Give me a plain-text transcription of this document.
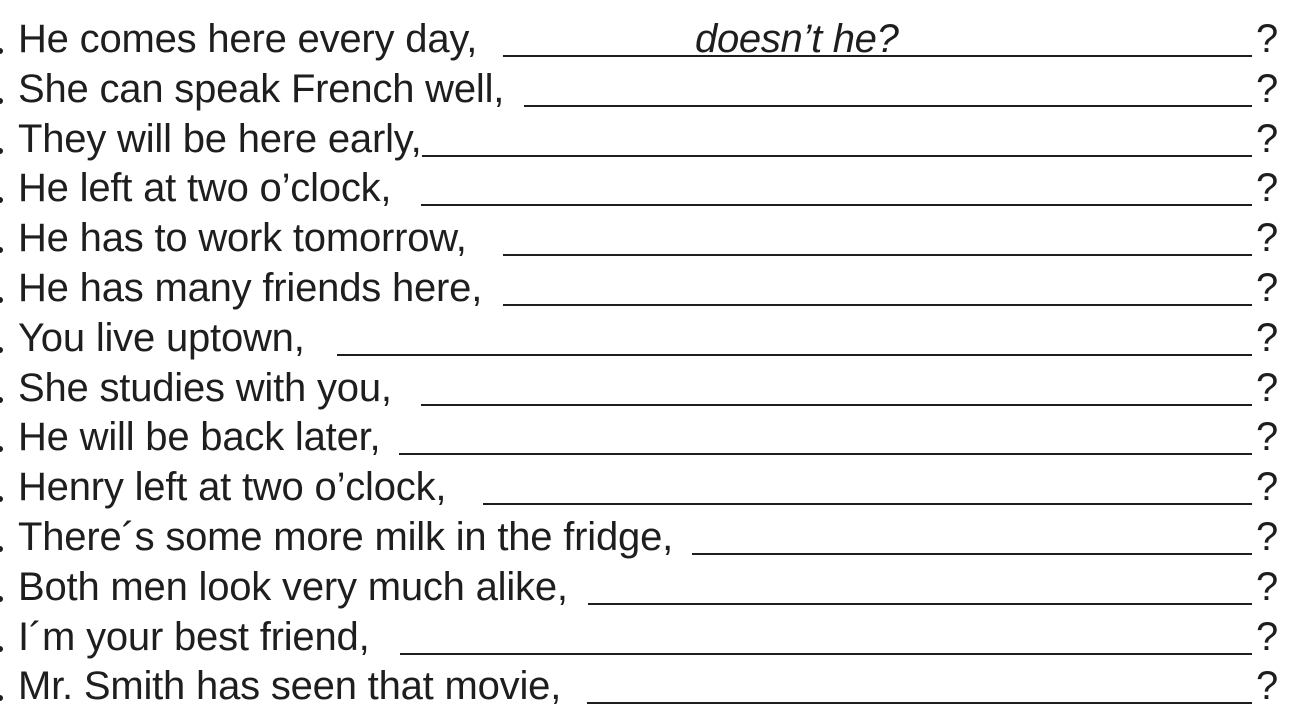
He comes here every day,	doesn’t he?	?
She can speak French well,	?
They will be here early,	?
He left at two o’clock,	?
He has to work tomorrow,	?
He has many friends here,	?
You live uptown,	?
She studies with you,	?
He will be back later,	?
Henry left at two o’clock,	?
There´s some more milk in the fridge,	?
Both men look very much alike,	?
I´m your best friend,	?
Mr. Smith has seen that movie,	?
